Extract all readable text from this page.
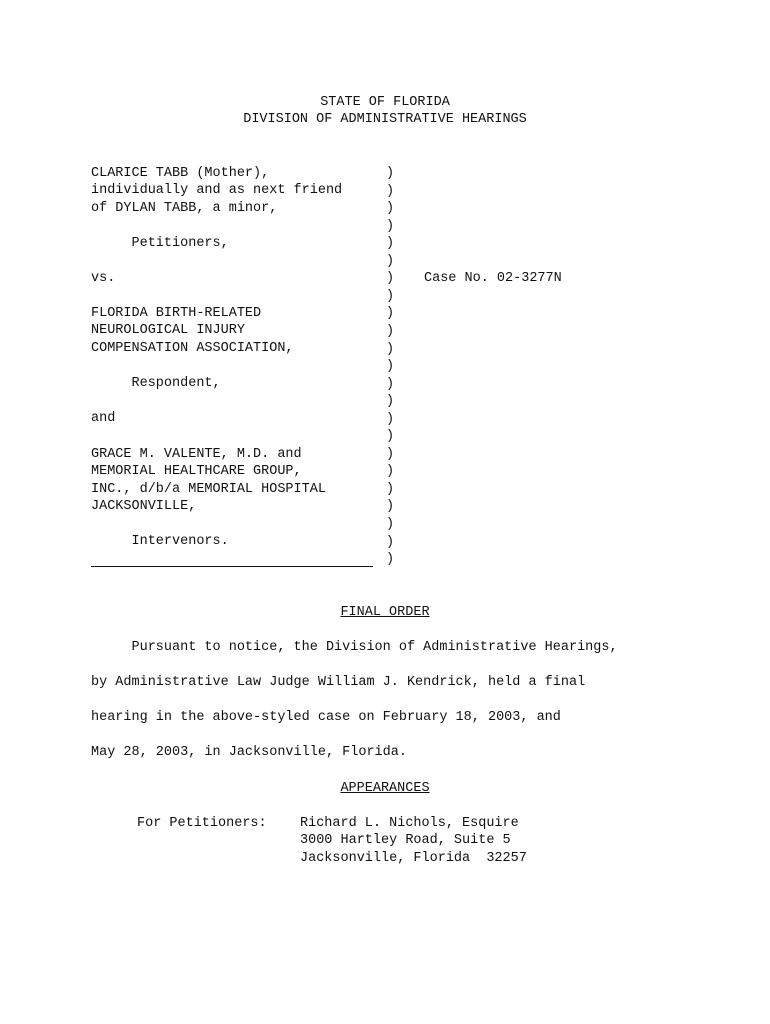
STATE OF FLORIDA
DIVISION OF ADMINISTRATIVE HEARINGS
CLARICE TABB (Mother),
individually and as next friend
of DYLAN TABB, a minor,
Petitioners,
vs.
FLORIDA BIRTH-RELATED
NEUROLOGICAL INJURY
COMPENSATION ASSOCIATION,
Respondent,
and
GRACE M. VALENTE, M.D. and
MEMORIAL HEALTHCARE GROUP,
INC., d/b/a MEMORIAL HOSPITAL
JACKSONVILLE,
Intervenors.
)
)
)
)
)
)
)
)
)
)
)
)
)
)
)
)
)
)
)
)
)
)
)
Case No. 02-3277N
FINAL ORDER
Pursuant to notice, the Division of Administrative Hearings,
by Administrative Law Judge William J. Kendrick, held a final
hearing in the above-styled case on February 18, 2003, and
May 28, 2003, in Jacksonville, Florida.
APPEARANCES
For Petitioners: Richard L. Nichols, Esquire
3000 Hartley Road, Suite 5
Jacksonville, Florida  32257
